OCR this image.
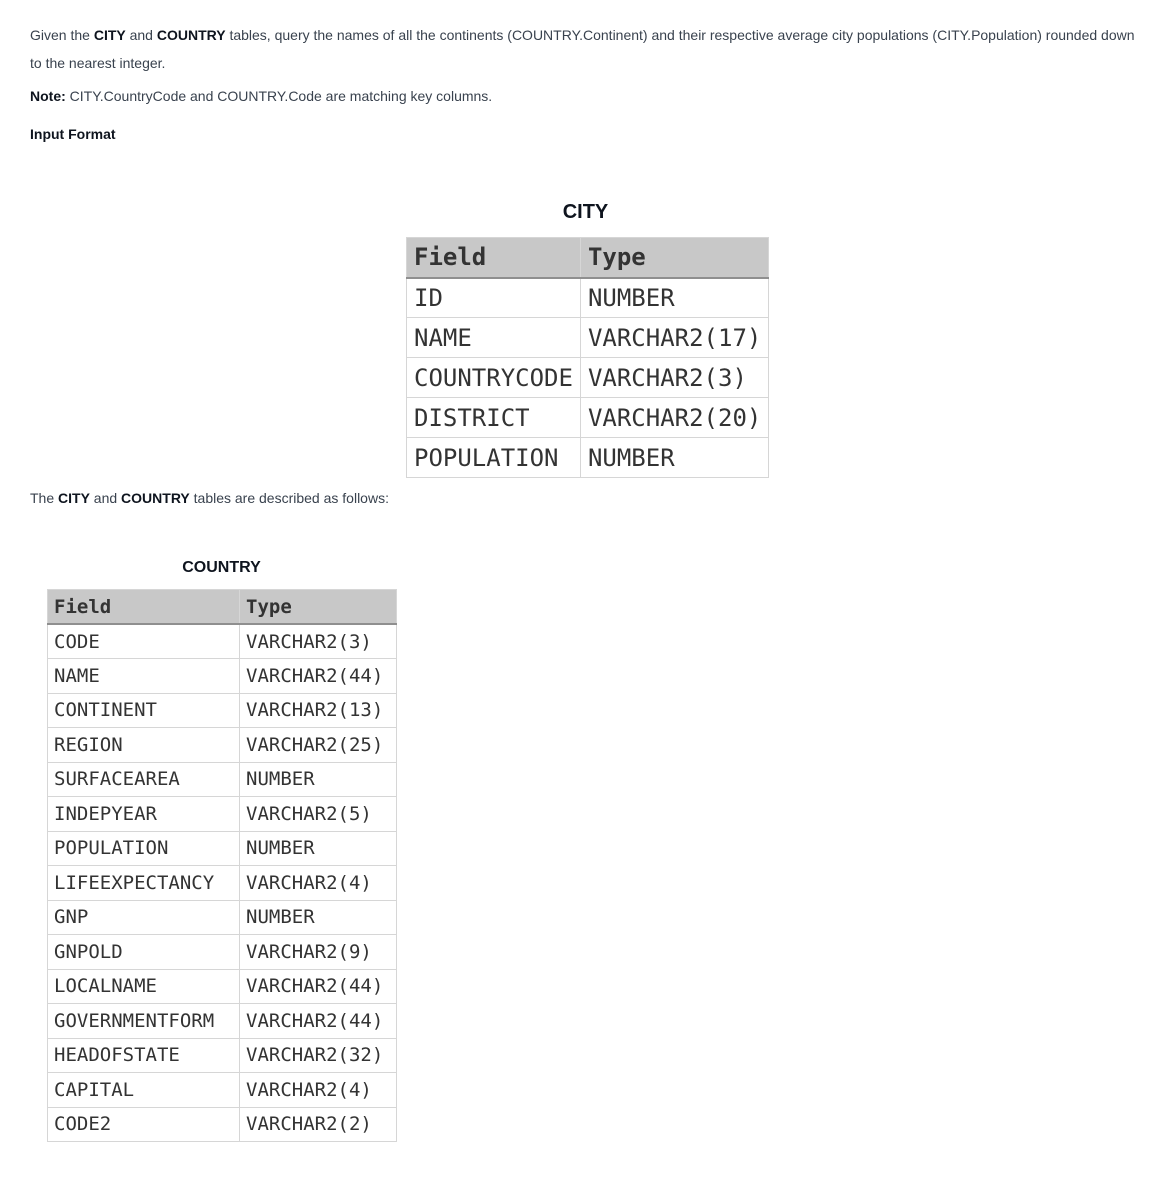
Given the CITY and COUNTRY tables, query the names of all the continents (COUNTRY.Continent) and their respective average city populations (CITY.Population) rounded down to the nearest integer.

Note: CITY.CountryCode and COUNTRY.Code are matching key columns.

Input Format

CITY
Field	Type
ID	NUMBER
NAME	VARCHAR2(17)
COUNTRYCODE	VARCHAR2(3)
DISTRICT	VARCHAR2(20)
POPULATION	NUMBER

The CITY and COUNTRY tables are described as follows:

COUNTRY
Field	Type
CODE	VARCHAR2(3)
NAME	VARCHAR2(44)
CONTINENT	VARCHAR2(13)
REGION	VARCHAR2(25)
SURFACEAREA	NUMBER
INDEPYEAR	VARCHAR2(5)
POPULATION	NUMBER
LIFEEXPECTANCY	VARCHAR2(4)
GNP	NUMBER
GNPOLD	VARCHAR2(9)
LOCALNAME	VARCHAR2(44)
GOVERNMENTFORM	VARCHAR2(44)
HEADOFSTATE	VARCHAR2(32)
CAPITAL	VARCHAR2(4)
CODE2	VARCHAR2(2)
